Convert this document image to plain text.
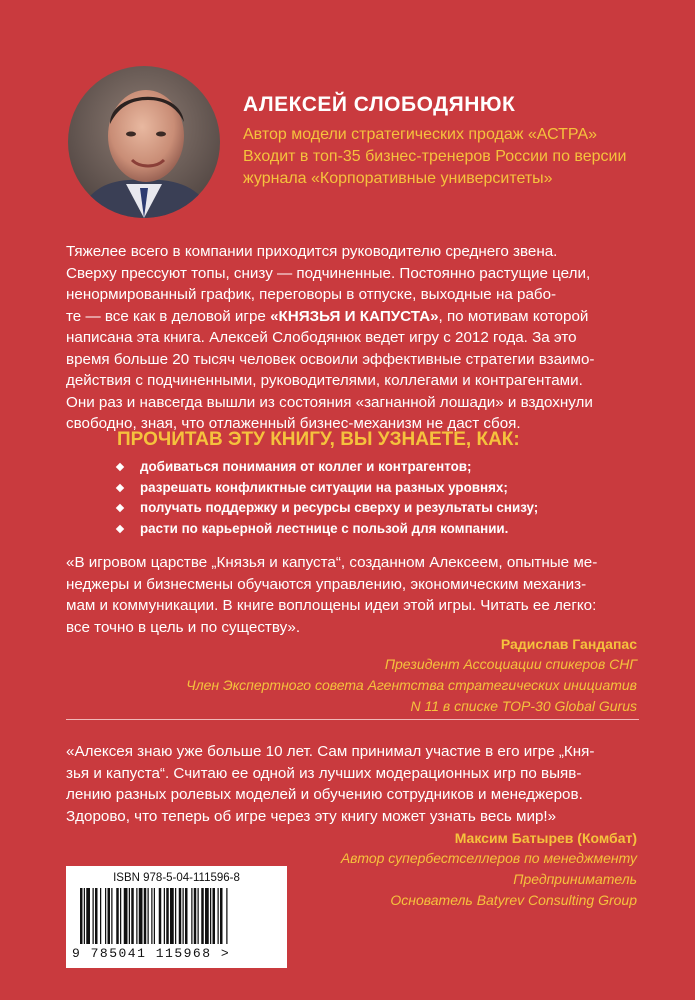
АЛЕКСЕЙ СЛОБОДЯНЮК
Автор модели стратегических продаж «АСТРА»
Входит в топ-35 бизнес-тренеров России по версии
журнала «Корпоративные университеты»
Тяжелее всего в компании приходится руководителю среднего звена.
Сверху прессуют топы, снизу — подчиненные. Постоянно растущие цели,
ненормированный график, переговоры в отпуске, выходные на рабо-
те — все как в деловой игре «КНЯЗЬЯ И КАПУСТА», по мотивам которой
написана эта книга. Алексей Слободянюк ведет игру с 2012 года. За это
время больше 20 тысяч человек освоили эффективные стратегии взаимо-
действия с подчиненными, руководителями, коллегами и контрагентами.
Они раз и навсегда вышли из состояния «загнанной лошади» и вздохнули
свободно, зная, что отлаженный бизнес-механизм не даст сбоя.
ПРОЧИТАВ ЭТУ КНИГУ, ВЫ УЗНАЕТЕ, КАК:
добиваться понимания от коллег и контрагентов;
разрешать конфликтные ситуации на разных уровнях;
получать поддержку и ресурсы сверху и результаты снизу;
расти по карьерной лестнице с пользой для компании.
«В игровом царстве „Князья и капуста“, созданном Алексеем, опытные ме-
неджеры и бизнесмены обучаются управлению, экономическим механиз-
мам и коммуникации. В книге воплощены идеи этой игры. Читать ее легко:
все точно в цель и по существу».
Радислав Гандапас
Президент Ассоциации спикеров СНГ
Член Экспертного совета Агентства стратегических инициатив
N 11 в списке TOP-30 Global Gurus
«Алексея знаю уже больше 10 лет. Сам принимал участие в его игре „Кня-
зья и капуста“. Считаю ее одной из лучших модерационных игр по выяв-
лению разных ролевых моделей и обучению сотрудников и менеджеров.
Здорово, что теперь об игре через эту книгу может узнать весь мир!»
Максим Батырев (Комбат)
Автор супербестселлеров по менеджменту
Предприниматель
Основатель Batyrev Consulting Group
ISBN 978-5-04-111596-8
9 785041 115968 >
